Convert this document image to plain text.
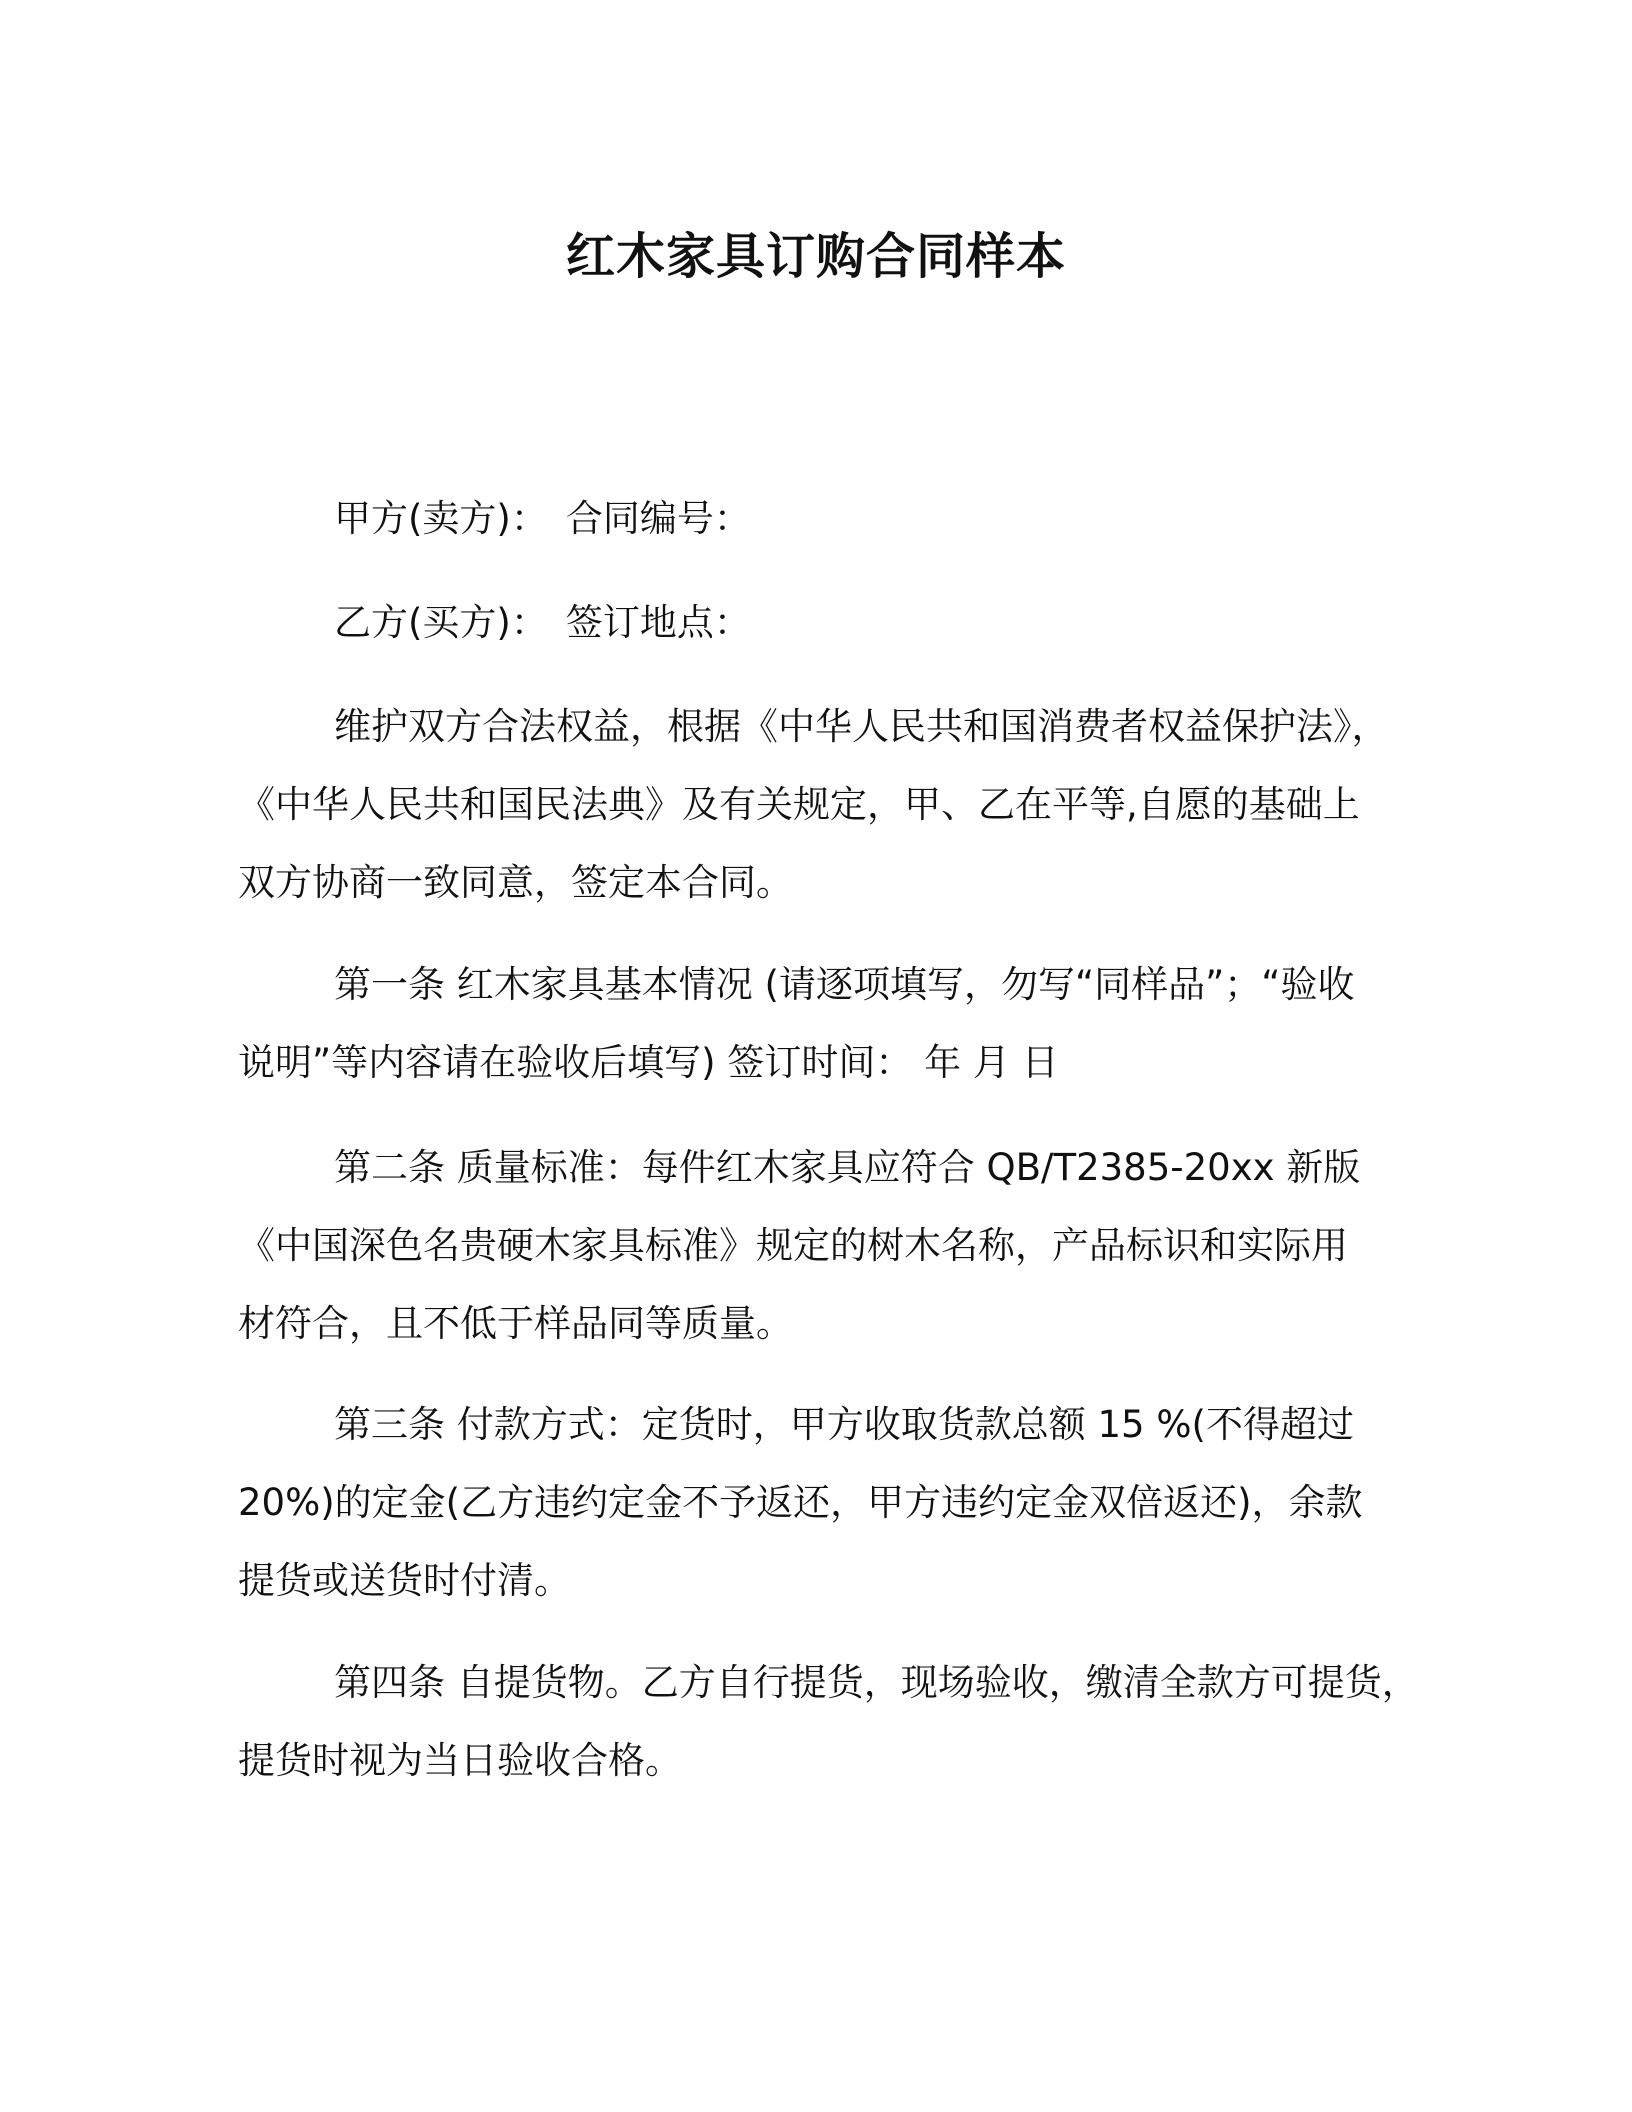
红木家具订购合同样本
甲方(卖方)： 合同编号：
乙方(买方)： 签订地点：
维护双方合法权益，根据《中华人民共和国消费者权益保护法》，
《中华人民共和国民法典》及有关规定，甲、乙在平等,自愿的基础上
双方协商一致同意，签定本合同。
第一条 红木家具基本情况 (请逐项填写，勿写“同样品”；“验收
说明”等内容请在验收后填写) 签订时间： 年 月 日
第二条 质量标准：每件红木家具应符合 QB/T2385-20xx 新版
《中国深色名贵硬木家具标准》规定的树木名称，产品标识和实际用
材符合，且不低于样品同等质量。
第三条 付款方式：定货时，甲方收取货款总额 15 %(不得超过
20%)的定金(乙方违约定金不予返还，甲方违约定金双倍返还)，余款
提货或送货时付清。
第四条 自提货物。乙方自行提货，现场验收，缴清全款方可提货，
提货时视为当日验收合格。
